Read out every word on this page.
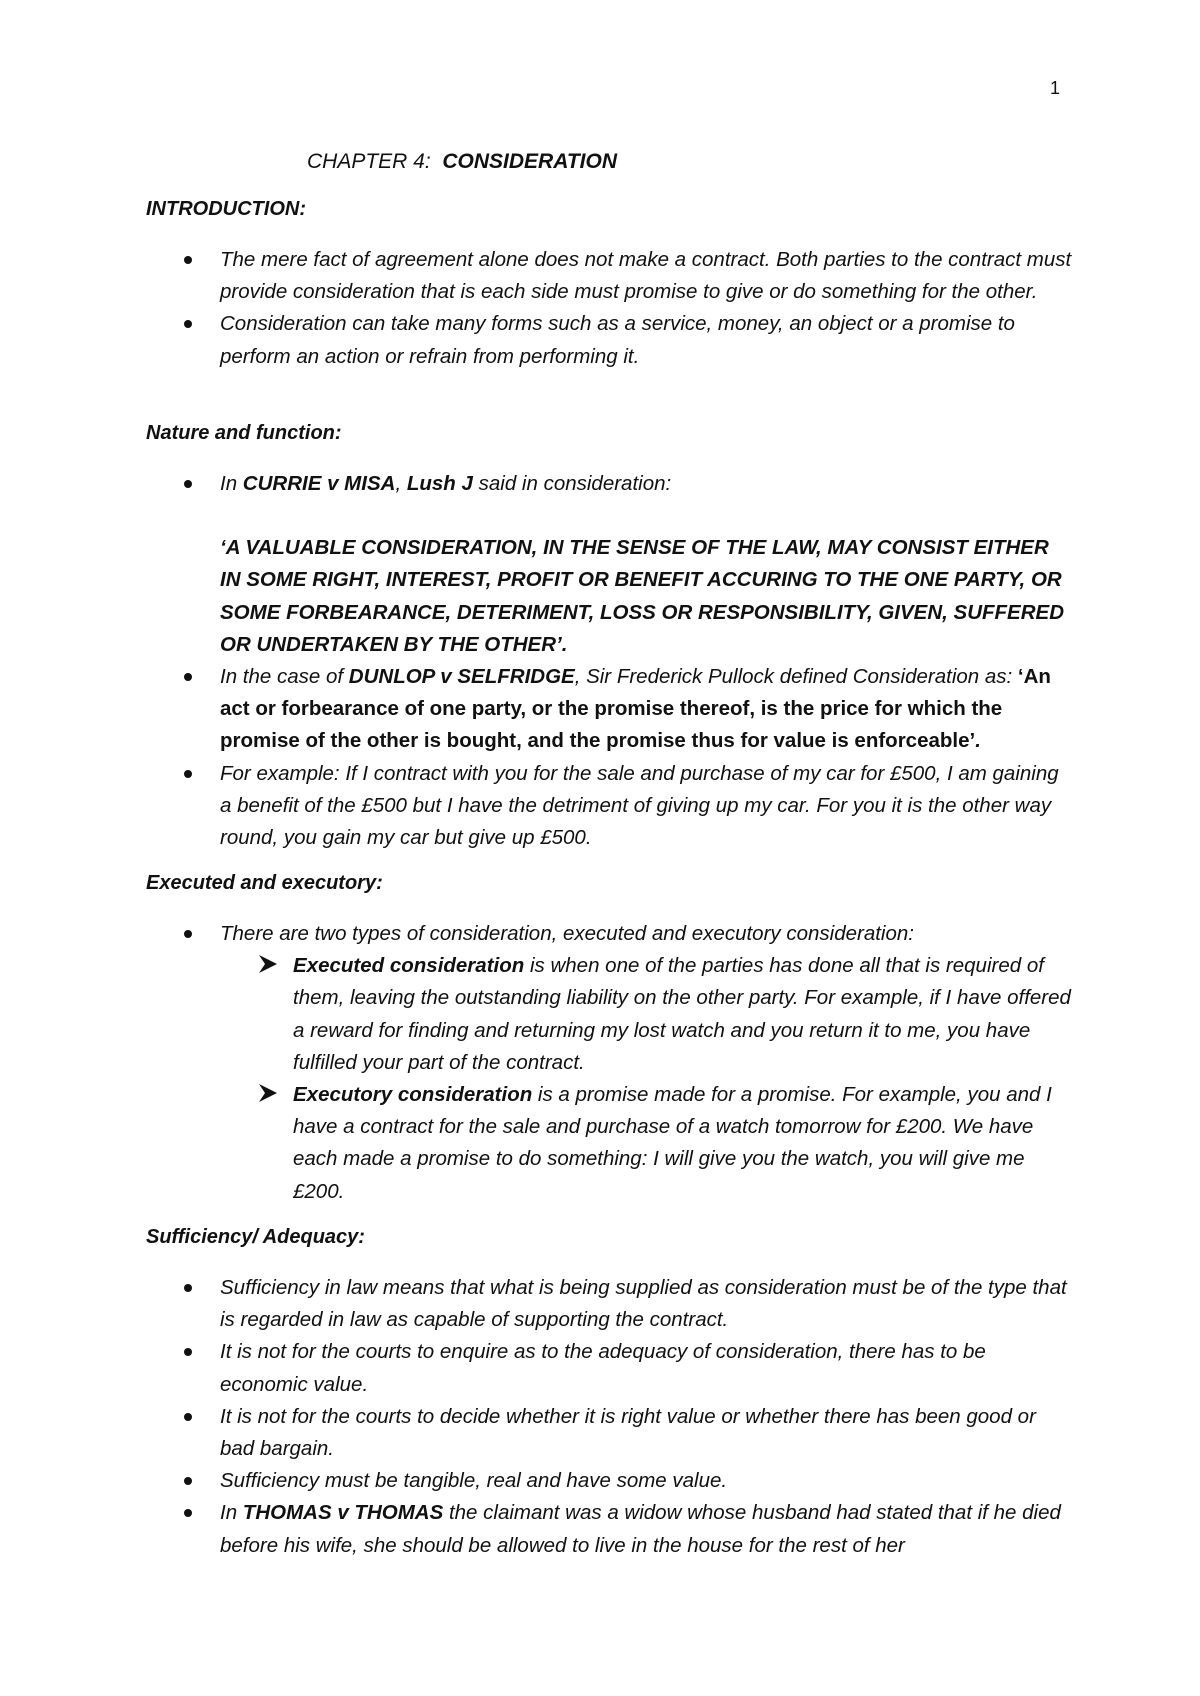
1
CHAPTER 4: CONSIDERATION
INTRODUCTION:
The mere fact of agreement alone does not make a contract. Both parties to the contract must provide consideration that is each side must promise to give or do something for the other.
Consideration can take many forms such as a service, money, an object or a promise to perform an action or refrain from performing it.
Nature and function:
In CURRIE v MISA, Lush J said in consideration:
‘A VALUABLE CONSIDERATION, IN THE SENSE OF THE LAW, MAY CONSIST EITHER IN SOME RIGHT, INTEREST, PROFIT OR BENEFIT ACCURING TO THE ONE PARTY, OR SOME FORBEARANCE, DETERIMENT, LOSS OR RESPONSIBILITY, GIVEN, SUFFERED OR UNDERTAKEN BY THE OTHER’.
In the case of DUNLOP v SELFRIDGE, Sir Frederick Pullock defined Consideration as: ‘An act or forbearance of one party, or the promise thereof, is the price for which the promise of the other is bought, and the promise thus for value is enforceable’.
For example: If I contract with you for the sale and purchase of my car for £500, I am gaining a benefit of the £500 but I have the detriment of giving up my car. For you it is the other way round, you gain my car but give up £500.
Executed and executory:
There are two types of consideration, executed and executory consideration:
Executed consideration is when one of the parties has done all that is required of them, leaving the outstanding liability on the other party. For example, if I have offered a reward for finding and returning my lost watch and you return it to me, you have fulfilled your part of the contract.
Executory consideration is a promise made for a promise. For example, you and I have a contract for the sale and purchase of a watch tomorrow for £200. We have each made a promise to do something: I will give you the watch, you will give me £200.
Sufficiency/ Adequacy:
Sufficiency in law means that what is being supplied as consideration must be of the type that is regarded in law as capable of supporting the contract.
It is not for the courts to enquire as to the adequacy of consideration, there has to be economic value.
It is not for the courts to decide whether it is right value or whether there has been good or bad bargain.
Sufficiency must be tangible, real and have some value.
In THOMAS v THOMAS the claimant was a widow whose husband had stated that if he died before his wife, she should be allowed to live in the house for the rest of her
